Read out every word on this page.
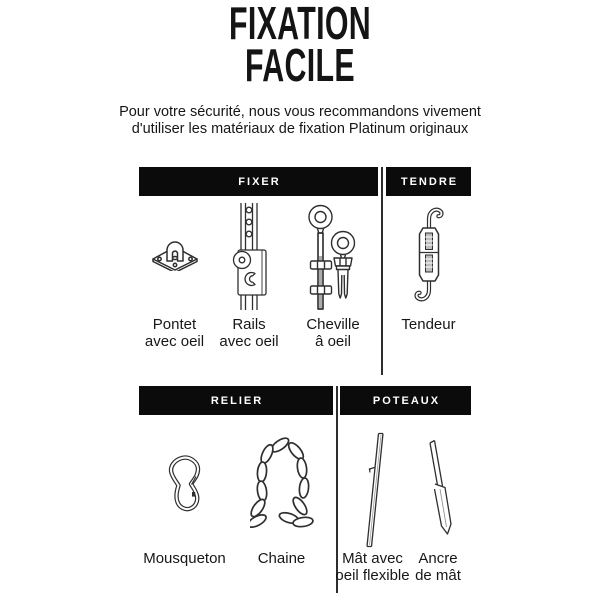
FIXATION
FACILE
Pour votre sécurité, nous vous recommandons vivement
d'utiliser les matériaux de fixation Platinum originaux
FIXER
Pontet
avec oeil
Rails
avec oeil
Cheville
â oeil
TENDRE
Tendeur
RELIER
Mousqueton Chaine
POTEAUX
Mât avec
oeil flexible
Ancre
de mât
